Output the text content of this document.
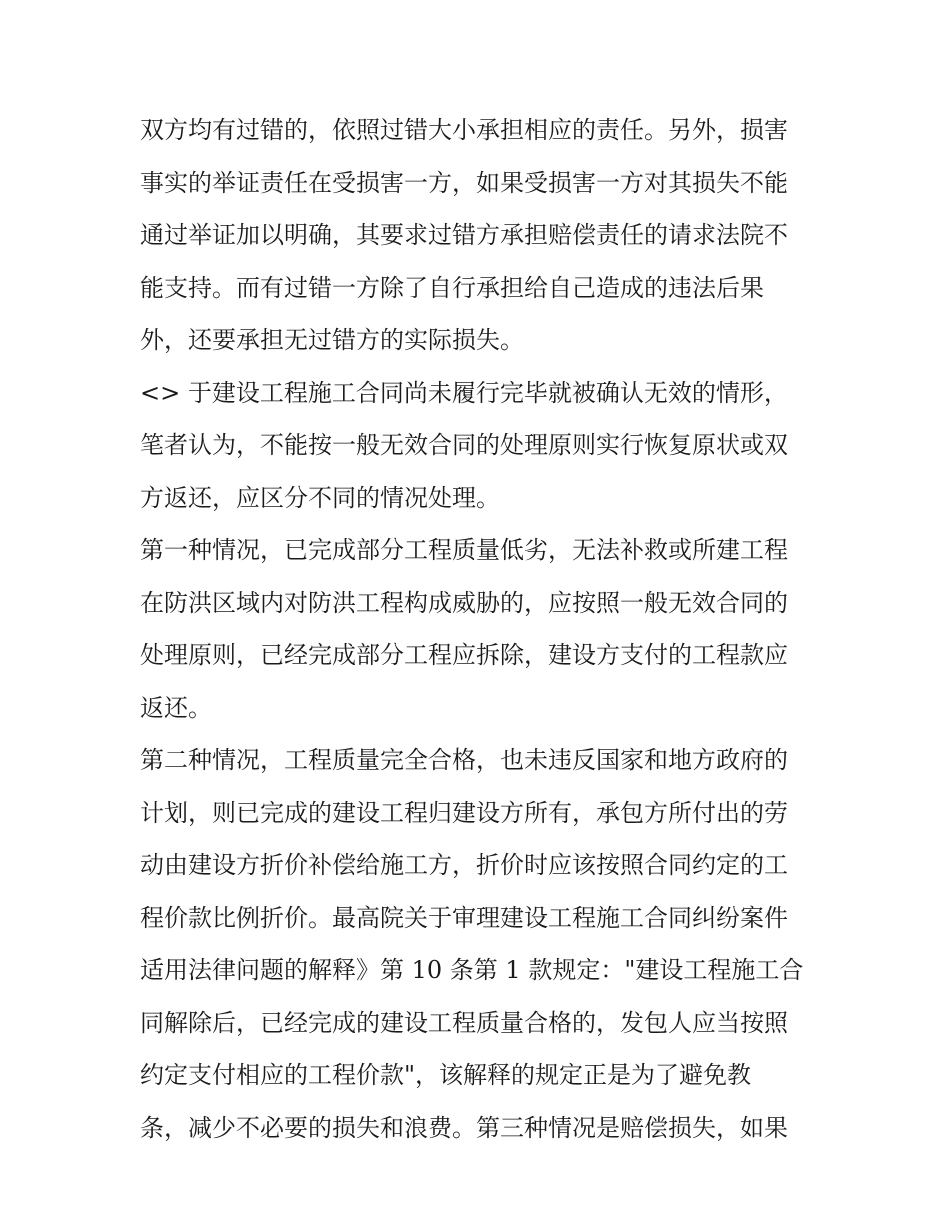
双方均有过错的，依照过错大小承担相应的责任。另外，损害
事实的举证责任在受损害一方，如果受损害一方对其损失不能
通过举证加以明确，其要求过错方承担赔偿责任的请求法院不
能支持。而有过错一方除了自行承担给自己造成的违法后果
外，还要承担无过错方的实际损失。
<> 于建设工程施工合同尚未履行完毕就被确认无效的情形，
笔者认为，不能按一般无效合同的处理原则实行恢复原状或双
方返还，应区分不同的情况处理。
第一种情况，已完成部分工程质量低劣，无法补救或所建工程
在防洪区域内对防洪工程构成威胁的，应按照一般无效合同的
处理原则，已经完成部分工程应拆除，建设方支付的工程款应
返还。
第二种情况，工程质量完全合格，也未违反国家和地方政府的
计划，则已完成的建设工程归建设方所有，承包方所付出的劳
动由建设方折价补偿给施工方，折价时应该按照合同约定的工
程价款比例折价。最高院关于审理建设工程施工合同纠纷案件
适用法律问题的解释》第 10 条第 1 款规定："建设工程施工合
同解除后，已经完成的建设工程质量合格的，发包人应当按照
约定支付相应的工程价款"，该解释的规定正是为了避免教
条，减少不必要的损失和浪费。第三种情况是赔偿损失，如果
